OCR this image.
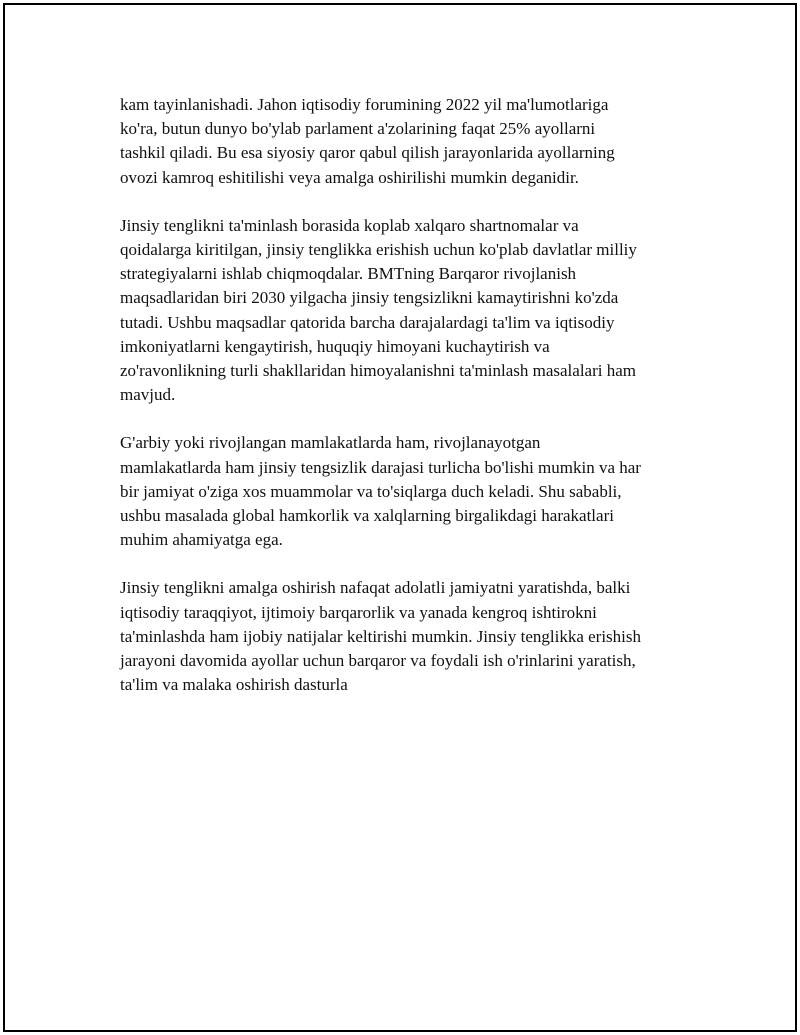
kam tayinlanishadi. Jahon iqtisodiy forumining 2022 yil ma'lumotlariga
ko'ra, butun dunyo bo'ylab parlament a'zolarining faqat 25% ayollarni
tashkil qiladi. Bu esa siyosiy qaror qabul qilish jarayonlarida ayollarning
ovozi kamroq eshitilishi veya amalga oshirilishi mumkin deganidir.

Jinsiy tenglikni ta'minlash borasida koplab xalqaro shartnomalar va
qoidalarga kiritilgan, jinsiy tenglikka erishish uchun ko'plab davlatlar milliy
strategiyalarni ishlab chiqmoqdalar. BMTning Barqaror rivojlanish
maqsadlaridan biri 2030 yilgacha jinsiy tengsizlikni kamaytirishni ko'zda
tutadi. Ushbu maqsadlar qatorida barcha darajalardagi ta'lim va iqtisodiy
imkoniyatlarni kengaytirish, huquqiy himoyani kuchaytirish va
zo'ravonlikning turli shakllaridan himoyalanishni ta'minlash masalalari ham
mavjud.

G'arbiy yoki rivojlangan mamlakatlarda ham, rivojlanayotgan
mamlakatlarda ham jinsiy tengsizlik darajasi turlicha bo'lishi mumkin va har
bir jamiyat o'ziga xos muammolar va to'siqlarga duch keladi. Shu sababli,
ushbu masalada global hamkorlik va xalqlarning birgalikdagi harakatlari
muhim ahamiyatga ega.

Jinsiy tenglikni amalga oshirish nafaqat adolatli jamiyatni yaratishda, balki
iqtisodiy taraqqiyot, ijtimoiy barqarorlik va yanada kengroq ishtirokni
ta'minlashda ham ijobiy natijalar keltirishi mumkin. Jinsiy tenglikka erishish
jarayoni davomida ayollar uchun barqaror va foydali ish o'rinlarini yaratish,
ta'lim va malaka oshirish dasturla
